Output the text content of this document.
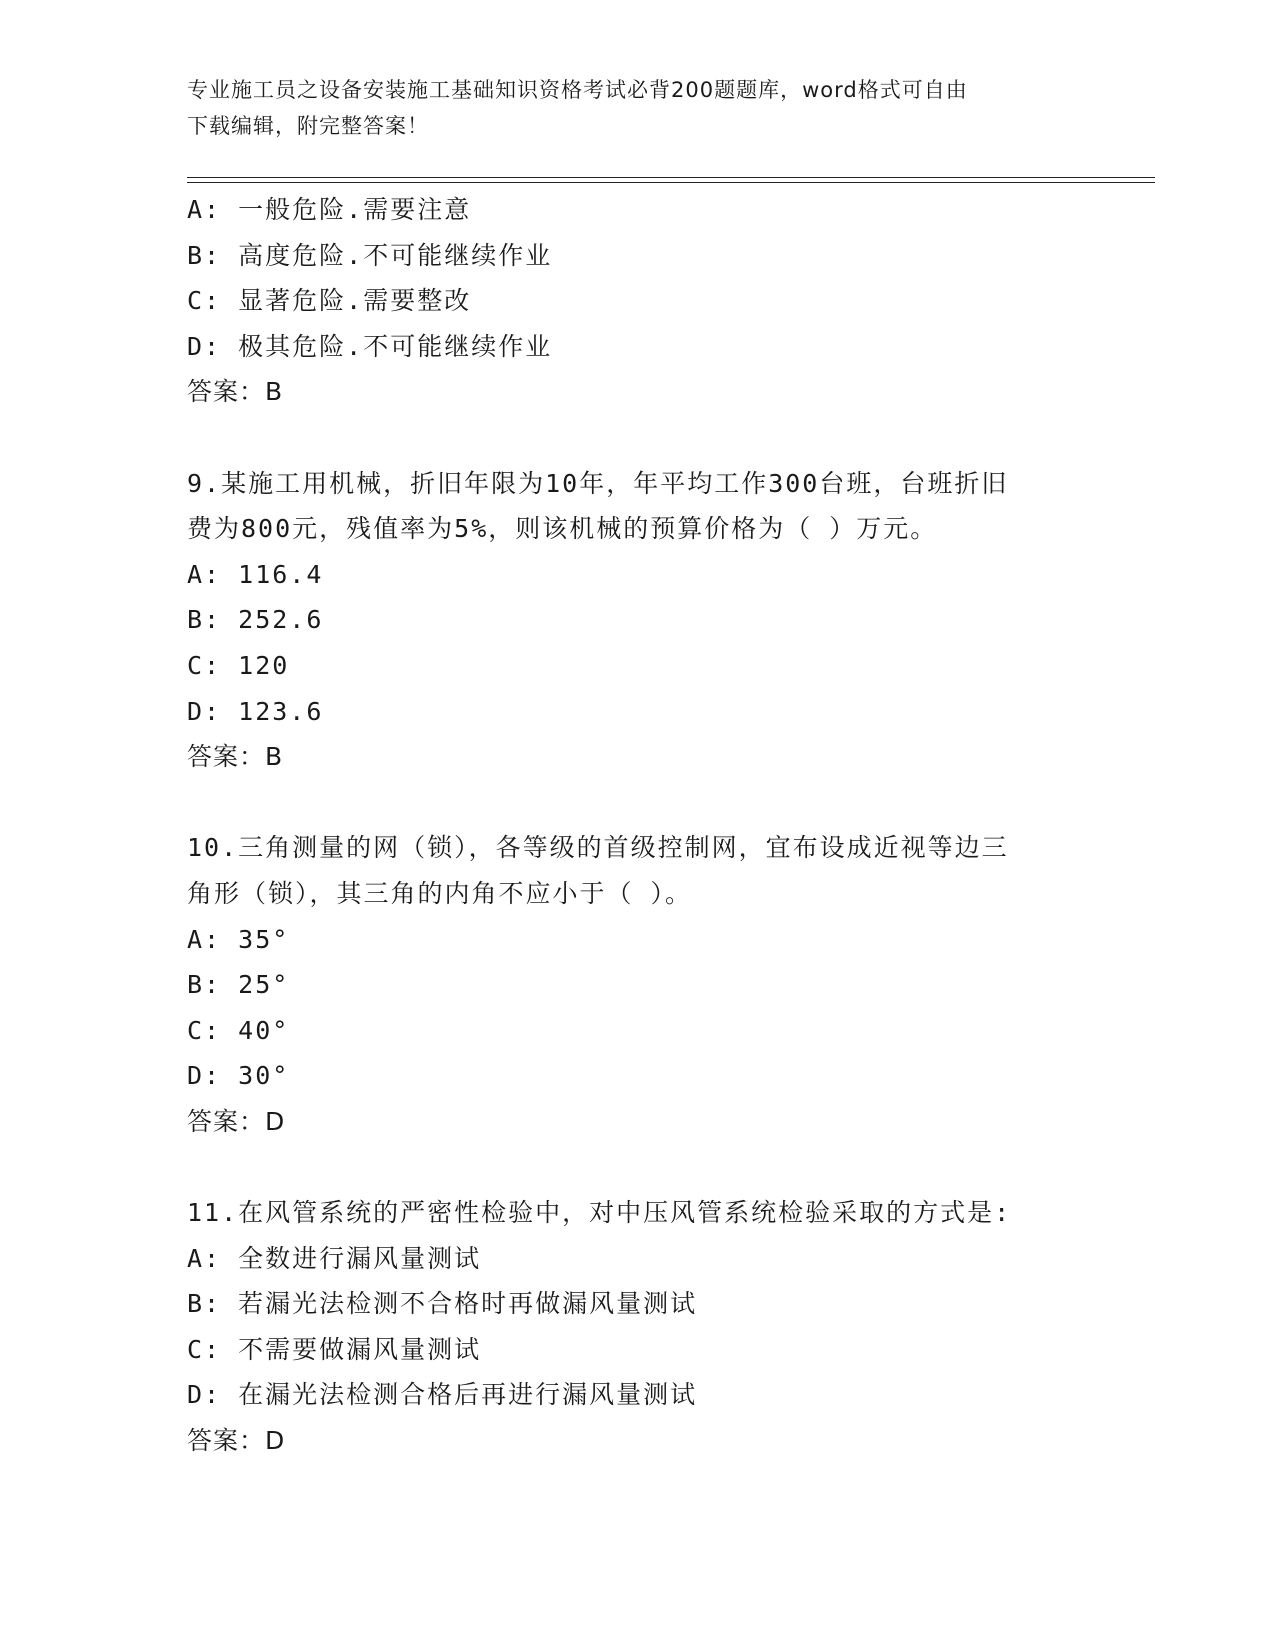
专业施工员之设备安装施工基础知识资格考试必背200题题库，word格式可自由
下载编辑，附完整答案！
A: 一般危险.需要注意
B: 高度危险.不可能继续作业
C: 显著危险.需要整改
D: 极其危险.不可能继续作业
答案：B
9.某施工用机械，折旧年限为10年，年平均工作300台班，台班折旧
费为800元，残值率为5%，则该机械的预算价格为（ ）万元。
A: 116.4
B: 252.6
C: 120
D: 123.6
答案：B
10.三角测量的网（锁），各等级的首级控制网，宜布设成近视等边三
角形（锁），其三角的内角不应小于（ ）。
A: 35°
B: 25°
C: 40°
D: 30°
答案：D
11.在风管系统的严密性检验中，对中压风管系统检验采取的方式是:
A: 全数进行漏风量测试
B: 若漏光法检测不合格时再做漏风量测试
C: 不需要做漏风量测试
D: 在漏光法检测合格后再进行漏风量测试
答案：D
